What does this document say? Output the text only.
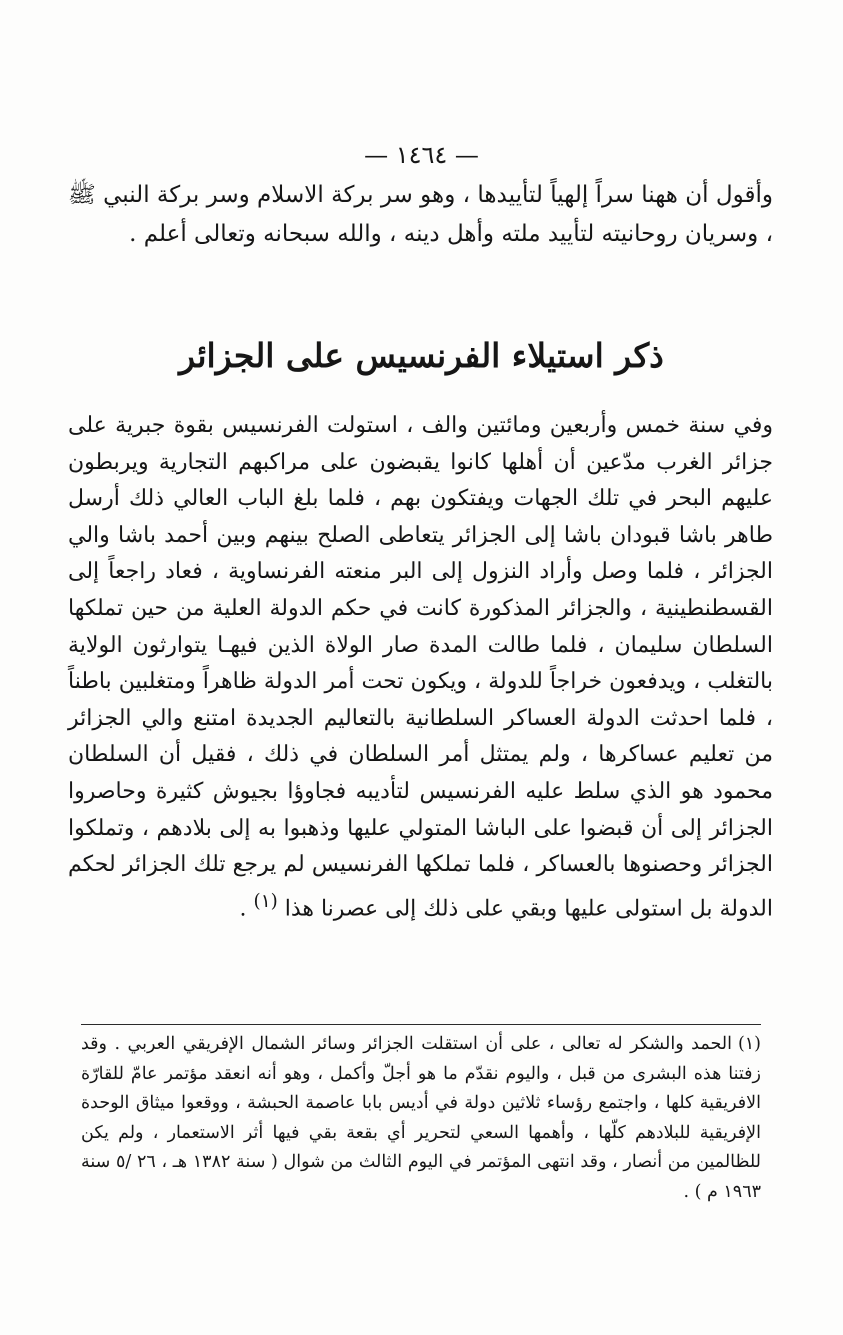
— ١٤٦٤ —

وأقول أن ههنا سراً إلهياً لتأييدها ، وهو سر بركة الاسلام وسر بركة النبي ﷺ ، وسريان روحانيته لتأييد ملته وأهل دينه ، والله سبحانه وتعالى أعلم .

ذكر استيلاء الفرنسيس على الجزائر

وفي سنة خمس وأربعين ومائتين والف ، استولت الفرنسيس بقوة جبرية على جزائر الغرب مدّعين أن أهلها كانوا يقبضون على مراكبهم التجارية ويربطون عليهم البحر في تلك الجهات ويفتكون بهم ، فلما بلغ الباب العالي ذلك أرسل طاهر باشا قبودان باشا إلى الجزائر يتعاطى الصلح بينهم وبين أحمد باشا والي الجزائر ، فلما وصل وأراد النزول إلى البر منعته الفرنساوية ، فعاد راجعاً إلى القسطنطينية ، والجزائر المذكورة كانت في حكم الدولة العلية من حين تملكها السلطان سليمان ، فلما طالت المدة صار الولاة الذين فيهـا يتوارثون الولاية بالتغلب ، ويدفعون خراجاً للدولة ، ويكون تحت أمر الدولة ظاهراً ومتغلبين باطناً ، فلما احدثت الدولة العساكر السلطانية بالتعاليم الجديدة امتنع والي الجزائر من تعليم عساكرها ، ولم يمتثل أمر السلطان في ذلك ، فقيل أن السلطان محمود هو الذي سلط عليه الفرنسيس لتأديبه فجاوؤا بجيوش كثيرة وحاصروا الجزائر إلى أن قبضوا على الباشا المتولي عليها وذهبوا به إلى بلادهم ، وتملكوا الجزائر وحصنوها بالعساكر ، فلما تملكها الفرنسيس لم يرجع تلك الجزائر لحكم الدولة بل استولى عليها وبقي على ذلك إلى عصرنا هذا $^{(١)}$ .

(١)الحمد والشكر له تعالى ، على أن استقلت الجزائر وسائر الشمال الإفريقي العربي . وقد زفتنا هذه البشرى من قبل ، واليوم نقدّم ما هو أجلّ وأكمل ، وهو أنه انعقد مؤتمر عامّ للقارّة الافريقية كلها ، واجتمع رؤساء ثلاثين دولة في أديس بابا عاصمة الحبشة ، ووقعوا ميثاق الوحدة الإفريقية للبلادهم كلّها ، وأهمها السعي لتحرير أي بقعة بقي فيها أثر الاستعمار ، ولم يكن للظالمين من أنصار ، وقد انتهى المؤتمر في اليوم الثالث من شوال ( سنة ١٣٨٢ هـ ، ٢٦ /٥ سنة ١٩٦٣ م ) .
